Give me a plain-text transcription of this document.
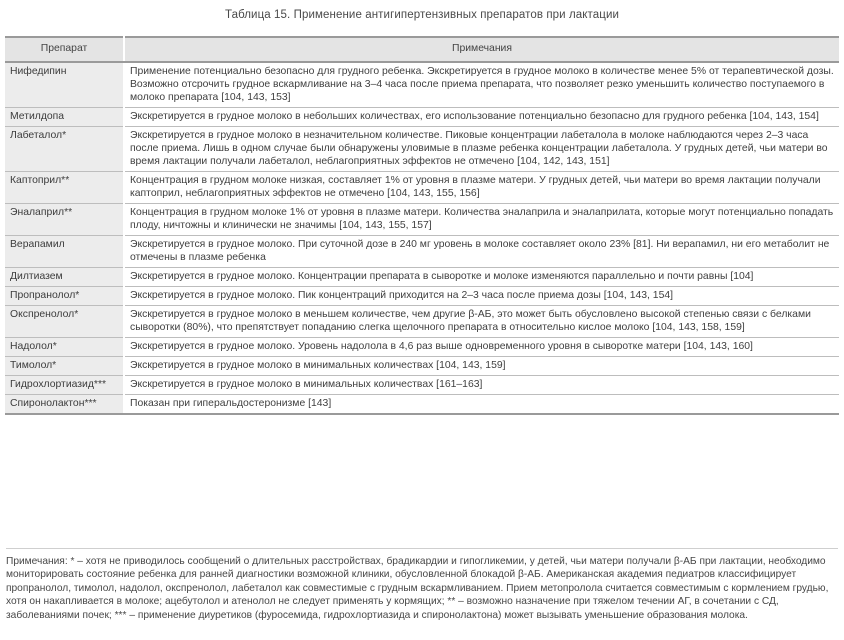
Таблица 15. Применение антигипертензивных препаратов при лактации
Препарат	Примечания
Нифедипин	Применение потенциально безопасно для грудного ребенка. Экскретируется в грудное молоко в количестве менее 5% от терапевтической дозы. Возможно отсрочить грудное вскармливание на 3–4 часа после приема препарата, что позволяет резко уменьшить количество поступаемого в молоко препарата [104, 143, 153]
Метилдопа	Экскретируется в грудное молоко в небольших количествах, его использование потенциально безопасно для грудного ребенка [104, 143, 154]
Лабеталол*	Экскретируется в грудное молоко в незначительном количестве. Пиковые концентрации лабеталола в молоке наблюдаются через 2–3 часа после приема. Лишь в одном случае были обнаружены уловимые в плазме ребенка концентрации лабеталола. У грудных детей, чьи матери во время лактации получали лабеталол, неблагоприятных эффектов не отмечено [104, 142, 143, 151]
Каптоприл**	Концентрация в грудном молоке низкая, составляет 1% от уровня в плазме матери. У грудных детей, чьи матери во время лактации получали каптоприл, неблагоприятных эффектов не отмечено [104, 143, 155, 156]
Эналаприл**	Концентрация в грудном молоке 1% от уровня в плазме матери. Количества эналаприла и эналаприлата, которые могут потенциально попадать плоду, ничтожны и клинически не значимы [104, 143, 155, 157]
Верапамил	Экскретируется в грудное молоко. При суточной дозе в 240 мг уровень в молоке составляет около 23% [81]. Ни верапамил, ни его метаболит не отмечены в плазме ребенка
Дилтиазем	Экскретируется в грудное молоко. Концентрации препарата в сыворотке и молоке изменяются параллельно и почти равны [104]
Пропранолол*	Экскретируется в грудное молоко. Пик концентраций приходится на 2–3 часа после приема дозы [104, 143, 154]
Окспренолол*	Экскретируется в грудное молоко в меньшем количестве, чем другие β-АБ, это может быть обусловлено высокой степенью связи с белками сыворотки (80%), что препятствует попаданию слегка щелочного препарата в относительно кислое молоко [104, 143, 158, 159]
Надолол*	Экскретируется в грудное молоко. Уровень надолола в 4,6 раз выше одновременного уровня в сыворотке матери [104, 143, 160]
Тимолол*	Экскретируется в грудное молоко в минимальных количествах [104, 143, 159]
Гидрохлортиазид***	Экскретируется в грудное молоко в минимальных количествах [161–163]
Спиронолактон***	Показан при гиперальдостеронизме [143]
Примечания: * – хотя не приводилось сообщений о длительных расстройствах, брадикардии и гипогликемии, у детей, чьи матери получали β-АБ при лактации, необходимо мониторировать состояние ребенка для ранней диагностики возможной клиники, обусловленной блокадой β-АБ. Американская академия педиатров классифицирует пропранолол, тимолол, надолол, окспренолол, лабеталол как совместимые с грудным вскармливанием. Прием метопролола считается совместимым с кормлением грудью, хотя он накапливается в молоке; ацебутолол и атенолол не следует применять у кормящих; ** – возможно назначение при тяжелом течении АГ, в сочетании с СД, заболеваниями почек; *** – применение диуретиков (фуросемида, гидрохлортиазида и спиронолактона) может вызывать уменьшение образования молока.
